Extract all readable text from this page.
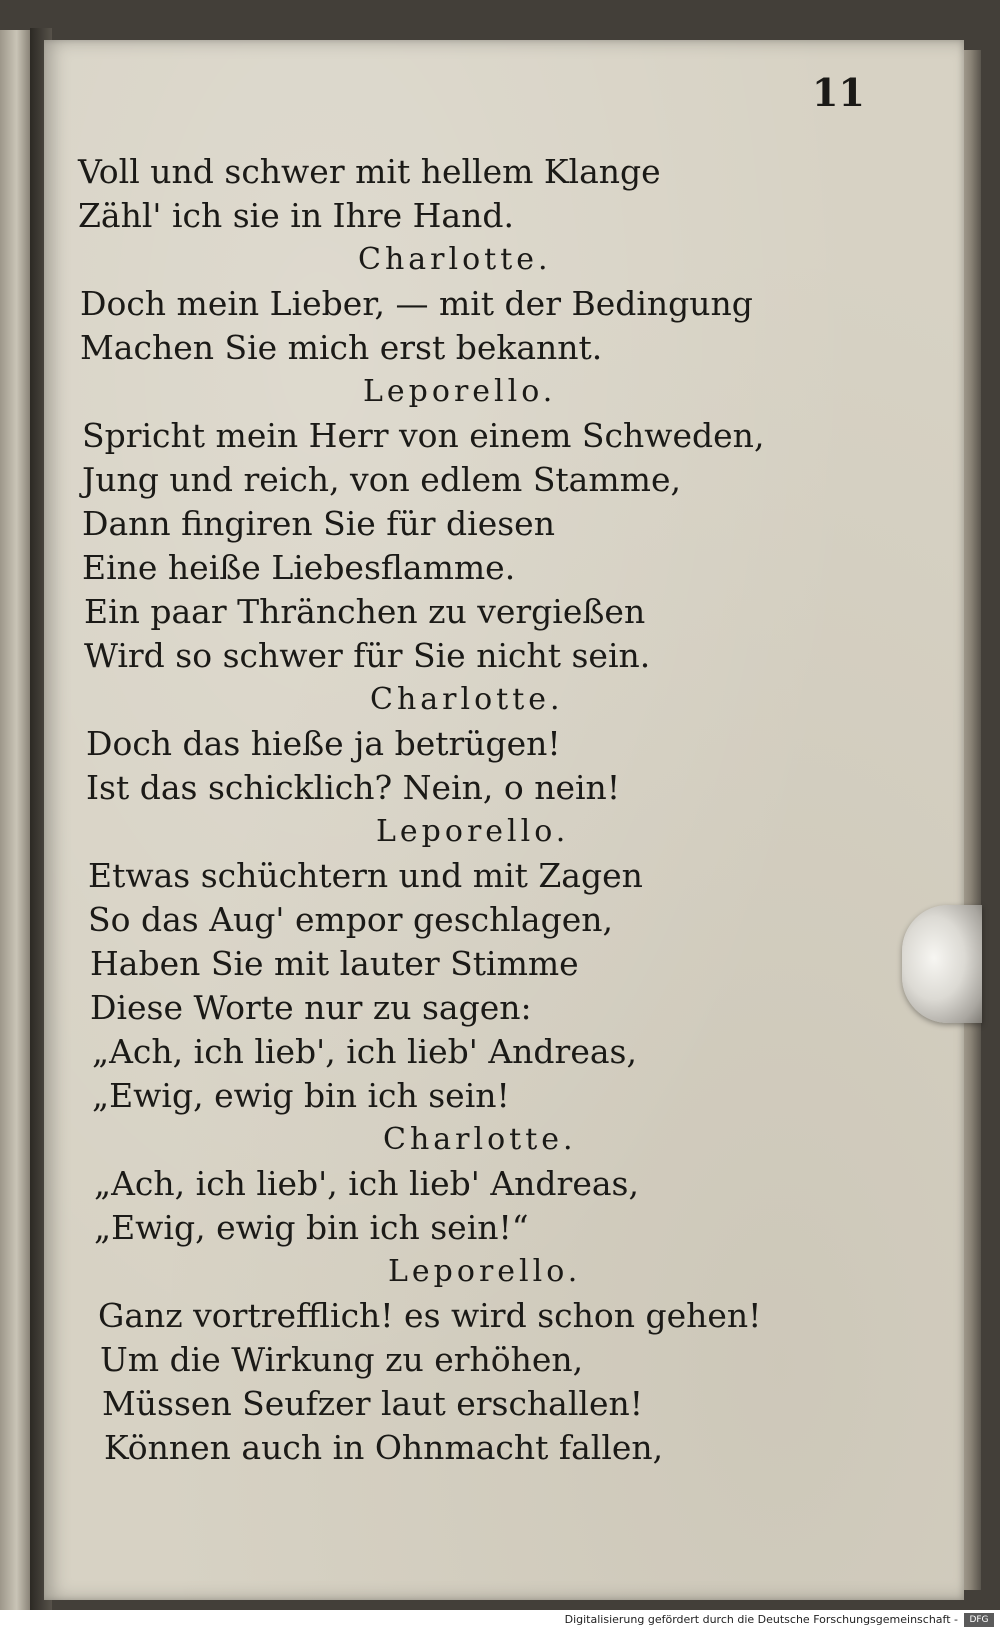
11
Voll und schwer mit hellem Klange
Zähl' ich sie in Ihre Hand.
Charlotte.
Doch mein Lieber, — mit der Bedingung
Machen Sie mich erst bekannt.
Leporello.
Spricht mein Herr von einem Schweden,
Jung und reich, von edlem Stamme,
Dann fingiren Sie für diesen
Eine heiße Liebesflamme.
Ein paar Thränchen zu vergießen
Wird so schwer für Sie nicht sein.
Charlotte.
Doch das hieße ja betrügen!
Ist das schicklich? Nein, o nein!
Leporello.
Etwas schüchtern und mit Zagen
So das Aug' empor geschlagen,
Haben Sie mit lauter Stimme
Diese Worte nur zu sagen:
„Ach, ich lieb', ich lieb' Andreas,
„Ewig, ewig bin ich sein!
Charlotte.
„Ach, ich lieb', ich lieb' Andreas,
„Ewig, ewig bin ich sein!“
Leporello.
Ganz vortrefflich! es wird schon gehen!
Um die Wirkung zu erhöhen,
Müssen Seufzer laut erschallen!
Können auch in Ohnmacht fallen,
Digitalisierung gefördert durch die Deutsche Forschungsgemeinschaft -	DFG
